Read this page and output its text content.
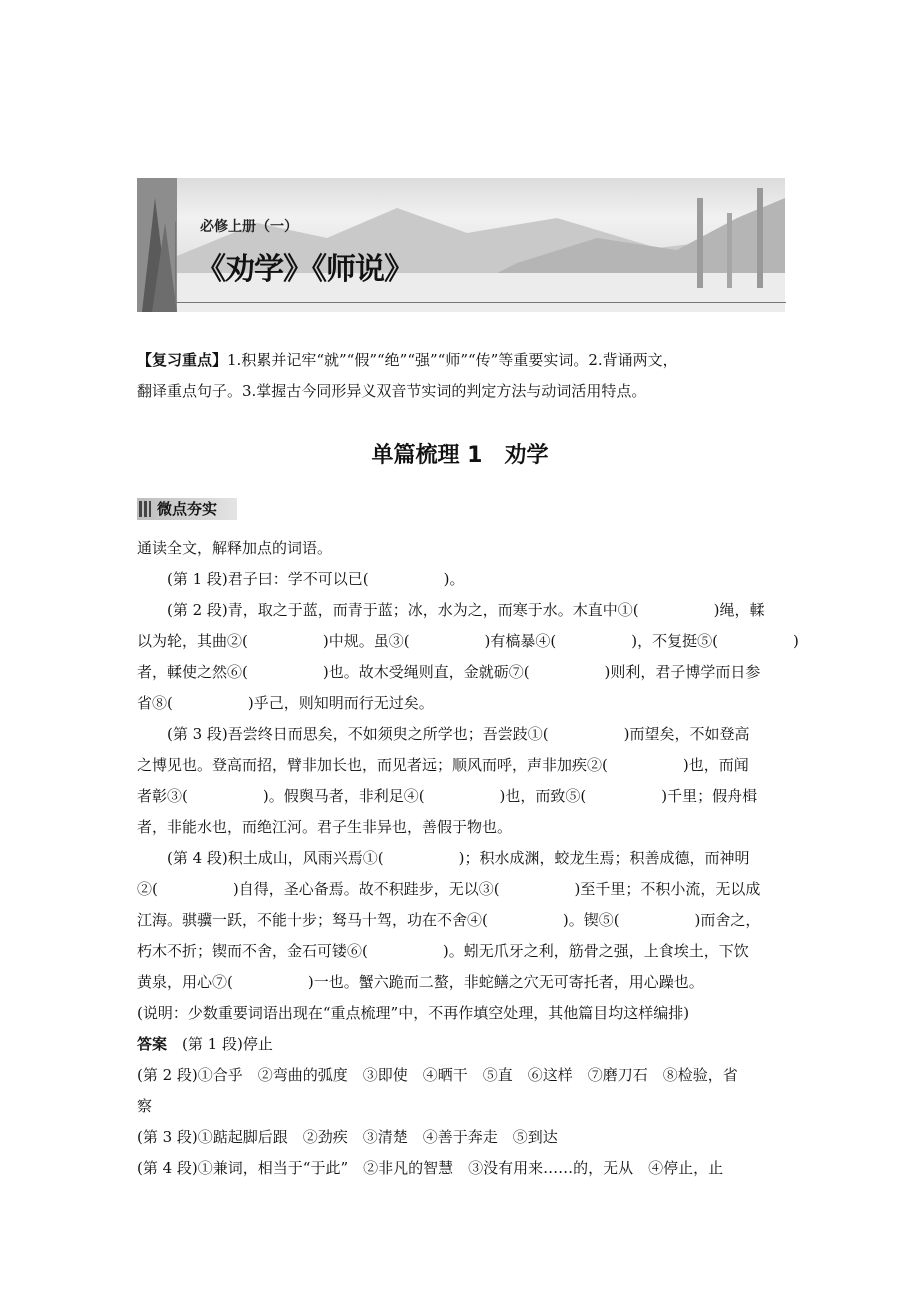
必修上册（一）
《劝学》《师说》
【复习重点】1.积累并记牢“就”“假”“绝”“强”“师”“传”等重要实词。2.背诵两文，
翻译重点句子。3.掌握古今同形异义双音节实词的判定方法与动词活用特点。
单篇梳理 1　劝学
微点夯实
通读全文，解释加点的词语。
(第 1 段)君子曰：学不可以已(　　　　　)。
(第 2 段)青，取之于蓝，而青于蓝；冰，水为之，而寒于水。木直中①(　　　　　)绳，輮
以为轮，其曲②(　　　　　)中规。虽③(　　　　　)有槁暴④(　　　　　)，不复挺⑤(　　　　　)
者，輮使之然⑥(　　　　　)也。故木受绳则直，金就砺⑦(　　　　　)则利，君子博学而日参
省⑧(　　　　　)乎己，则知明而行无过矣。
(第 3 段)吾尝终日而思矣，不如须臾之所学也；吾尝跂①(　　　　　)而望矣，不如登高
之博见也。登高而招，臂非加长也，而见者远；顺风而呼，声非加疾②(　　　　　)也，而闻
者彰③(　　　　　)。假舆马者，非利足④(　　　　　)也，而致⑤(　　　　　)千里；假舟楫
者，非能水也，而绝江河。君子生非异也，善假于物也。
(第 4 段)积土成山，风雨兴焉①(　　　　　)；积水成渊，蛟龙生焉；积善成德，而神明
②(　　　　　)自得，圣心备焉。故不积跬步，无以③(　　　　　)至千里；不积小流，无以成
江海。骐骥一跃，不能十步；驽马十驾，功在不舍④(　　　　　)。锲⑤(　　　　　)而舍之，
朽木不折；锲而不舍，金石可镂⑥(　　　　　)。蚓无爪牙之利，筋骨之强，上食埃土，下饮
黄泉，用心⑦(　　　　　)一也。蟹六跪而二螯，非蛇鳝之穴无可寄托者，用心躁也。
(说明：少数重要词语出现在“重点梳理”中，不再作填空处理，其他篇目均这样编排)
答案　 (第 1 段)停止
(第 2 段)①合乎　②弯曲的弧度　③即使　④晒干　⑤直　⑥这样　⑦磨刀石　⑧检验，省
察
(第 3 段)①踮起脚后跟　②劲疾　③清楚　④善于奔走　⑤到达
(第 4 段)①兼词，相当于“于此”　②非凡的智慧　③没有用来……的，无从　④停止，止
